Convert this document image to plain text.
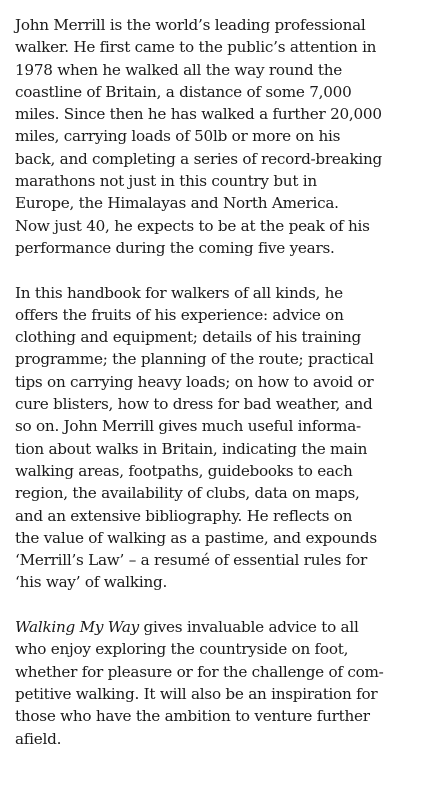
John Merrill is the world’s leading professional
walker. He first came to the public’s attention in
1978 when he walked all the way round the
coastline of Britain, a distance of some 7,000
miles. Since then he has walked a further 20,000
miles, carrying loads of 50lb or more on his
back, and completing a series of record-breaking
marathons not just in this country but in
Europe, the Himalayas and North America.
Now just 40, he expects to be at the peak of his
performance during the coming five years.

In this handbook for walkers of all kinds, he
offers the fruits of his experience: advice on
clothing and equipment; details of his training
programme; the planning of the route; practical
tips on carrying heavy loads; on how to avoid or
cure blisters, how to dress for bad weather, and
so on. John Merrill gives much useful informa-
tion about walks in Britain, indicating the main
walking areas, footpaths, guidebooks to each
region, the availability of clubs, data on maps,
and an extensive bibliography. He reflects on
the value of walking as a pastime, and expounds
‘Merrill’s Law’ – a resumé of essential rules for
‘his way’ of walking.

Walking My Way gives invaluable advice to all
who enjoy exploring the countryside on foot,
whether for pleasure or for the challenge of com-
petitive walking. It will also be an inspiration for
those who have the ambition to venture further
afield.
